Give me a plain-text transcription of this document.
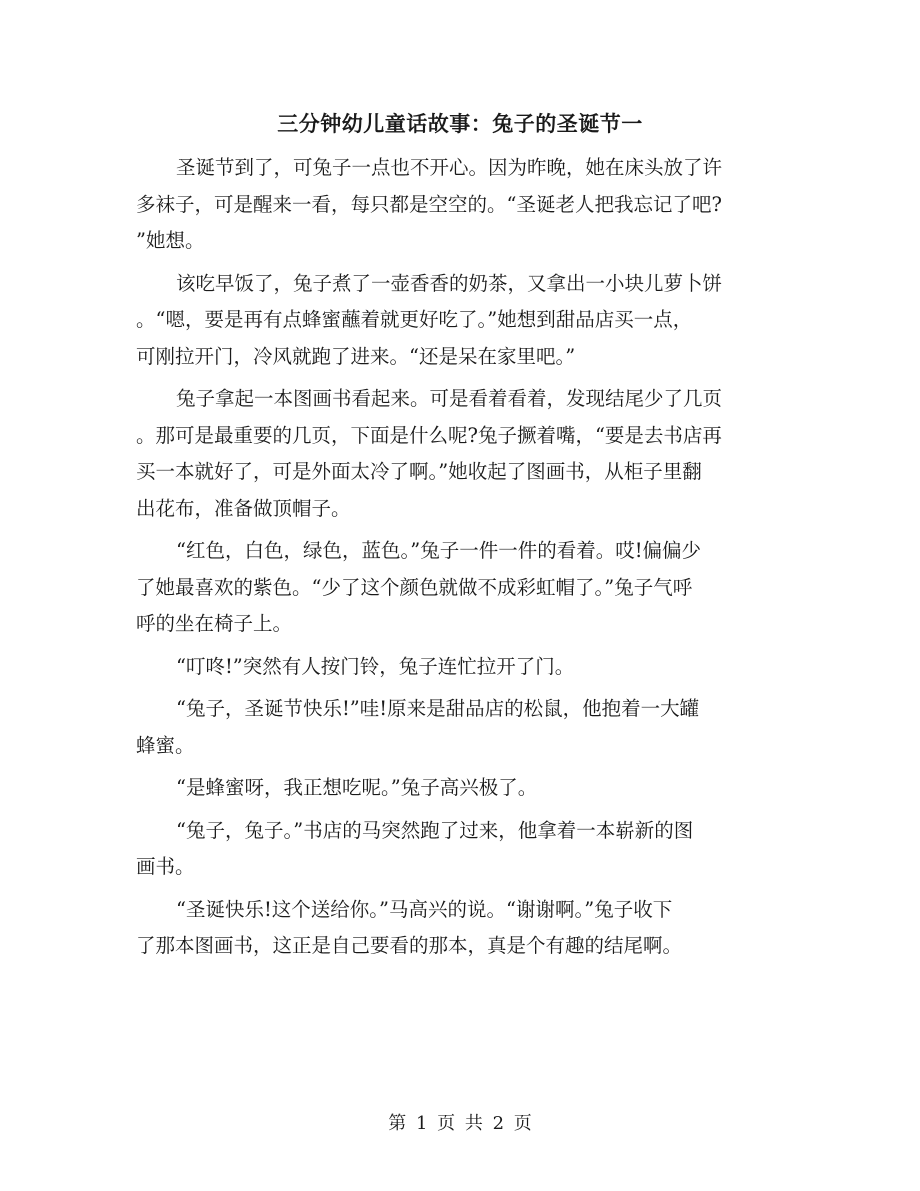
三分钟幼儿童话故事：兔子的圣诞节一

圣诞节到了，可兔子一点也不开心。因为昨晚，她在床头放了许
多袜子，可是醒来一看，每只都是空空的。“圣诞老人把我忘记了吧?
”她想。

该吃早饭了，兔子煮了一壶香香的奶茶，又拿出一小块儿萝卜饼
。“嗯，要是再有点蜂蜜蘸着就更好吃了。”她想到甜品店买一点，
可刚拉开门，冷风就跑了进来。“还是呆在家里吧。”

兔子拿起一本图画书看起来。可是看着看着，发现结尾少了几页
。那可是最重要的几页，下面是什么呢?兔子撅着嘴，“要是去书店再
买一本就好了，可是外面太冷了啊。”她收起了图画书，从柜子里翻
出花布，准备做顶帽子。

“红色，白色，绿色，蓝色。”兔子一件一件的看着。哎!偏偏少
了她最喜欢的紫色。“少了这个颜色就做不成彩虹帽了。”兔子气呼
呼的坐在椅子上。

“叮咚!”突然有人按门铃，兔子连忙拉开了门。

“兔子，圣诞节快乐!”哇!原来是甜品店的松鼠，他抱着一大罐
蜂蜜。

“是蜂蜜呀，我正想吃呢。”兔子高兴极了。

“兔子，兔子。”书店的马突然跑了过来，他拿着一本崭新的图
画书。

“圣诞快乐!这个送给你。”马高兴的说。“谢谢啊。”兔子收下
了那本图画书，这正是自己要看的那本，真是个有趣的结尾啊。

第 1 页 共 2 页
